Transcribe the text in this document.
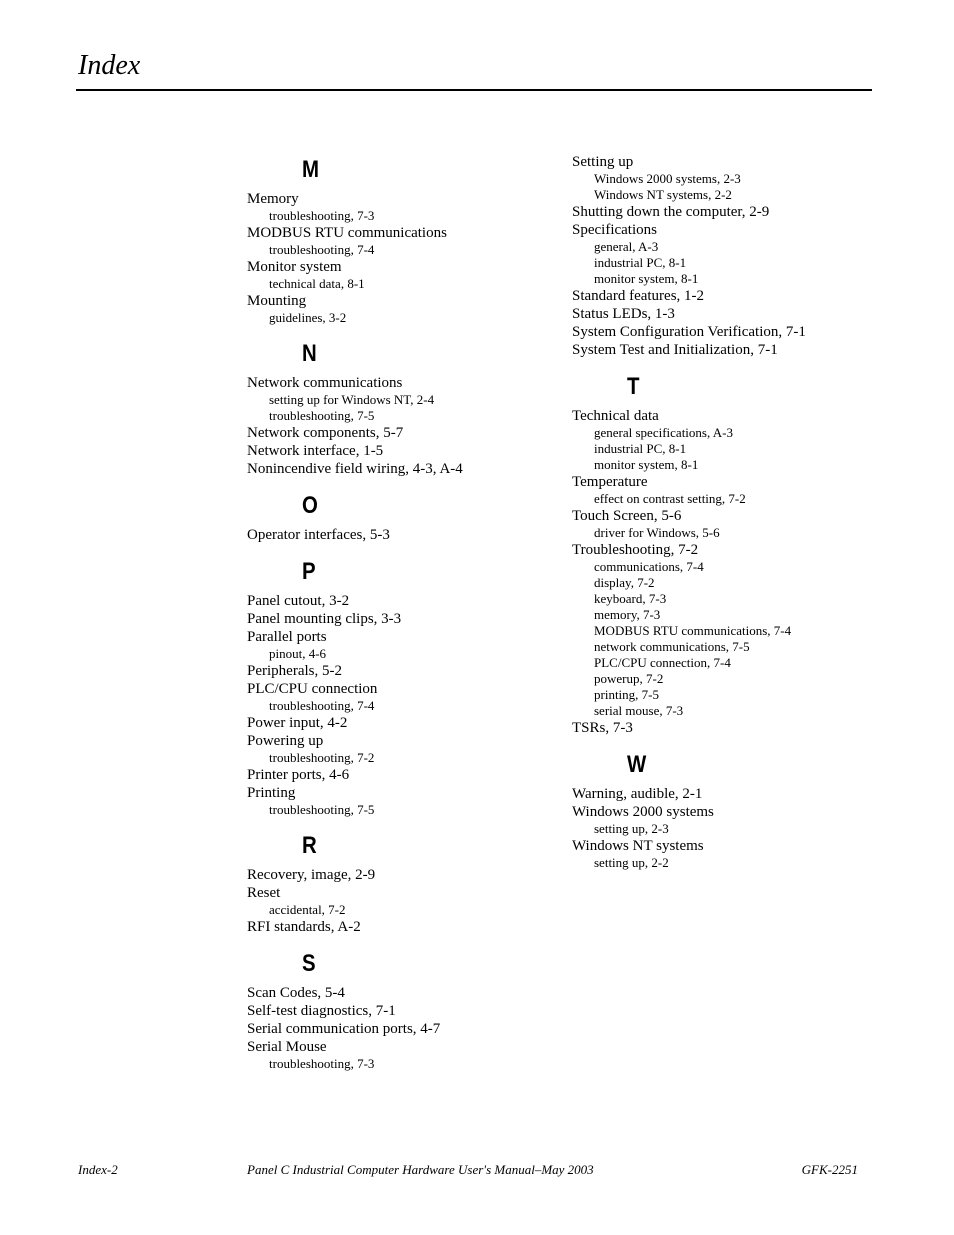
Index
M
Memory
troubleshooting, 7-3
MODBUS RTU communications
troubleshooting, 7-4
Monitor system
technical data, 8-1
Mounting
guidelines, 3-2
N
Network communications
setting up for Windows NT, 2-4
troubleshooting, 7-5
Network components, 5-7
Network interface, 1-5
Nonincendive field wiring, 4-3, A-4
O
Operator interfaces, 5-3
P
Panel cutout, 3-2
Panel mounting clips, 3-3
Parallel ports
pinout, 4-6
Peripherals, 5-2
PLC/CPU connection
troubleshooting, 7-4
Power input, 4-2
Powering up
troubleshooting, 7-2
Printer ports, 4-6
Printing
troubleshooting, 7-5
R
Recovery, image, 2-9
Reset
accidental, 7-2
RFI standards, A-2
S
Scan Codes, 5-4
Self-test diagnostics, 7-1
Serial communication ports, 4-7
Serial Mouse
troubleshooting, 7-3
Setting up
Windows 2000 systems, 2-3
Windows NT systems, 2-2
Shutting down the computer, 2-9
Specifications
general, A-3
industrial PC, 8-1
monitor system, 8-1
Standard features, 1-2
Status LEDs, 1-3
System Configuration Verification, 7-1
System Test and Initialization, 7-1
T
Technical data
general specifications, A-3
industrial PC, 8-1
monitor system, 8-1
Temperature
effect on contrast setting, 7-2
Touch Screen, 5-6
driver for Windows, 5-6
Troubleshooting, 7-2
communications, 7-4
display, 7-2
keyboard, 7-3
memory, 7-3
MODBUS RTU communications, 7-4
network communications, 7-5
PLC/CPU connection, 7-4
powerup, 7-2
printing, 7-5
serial mouse, 7-3
TSRs, 7-3
W
Warning, audible, 2-1
Windows 2000 systems
setting up, 2-3
Windows NT systems
setting up, 2-2
Index-2	Panel C Industrial Computer Hardware User's Manual–May 2003	GFK-2251
